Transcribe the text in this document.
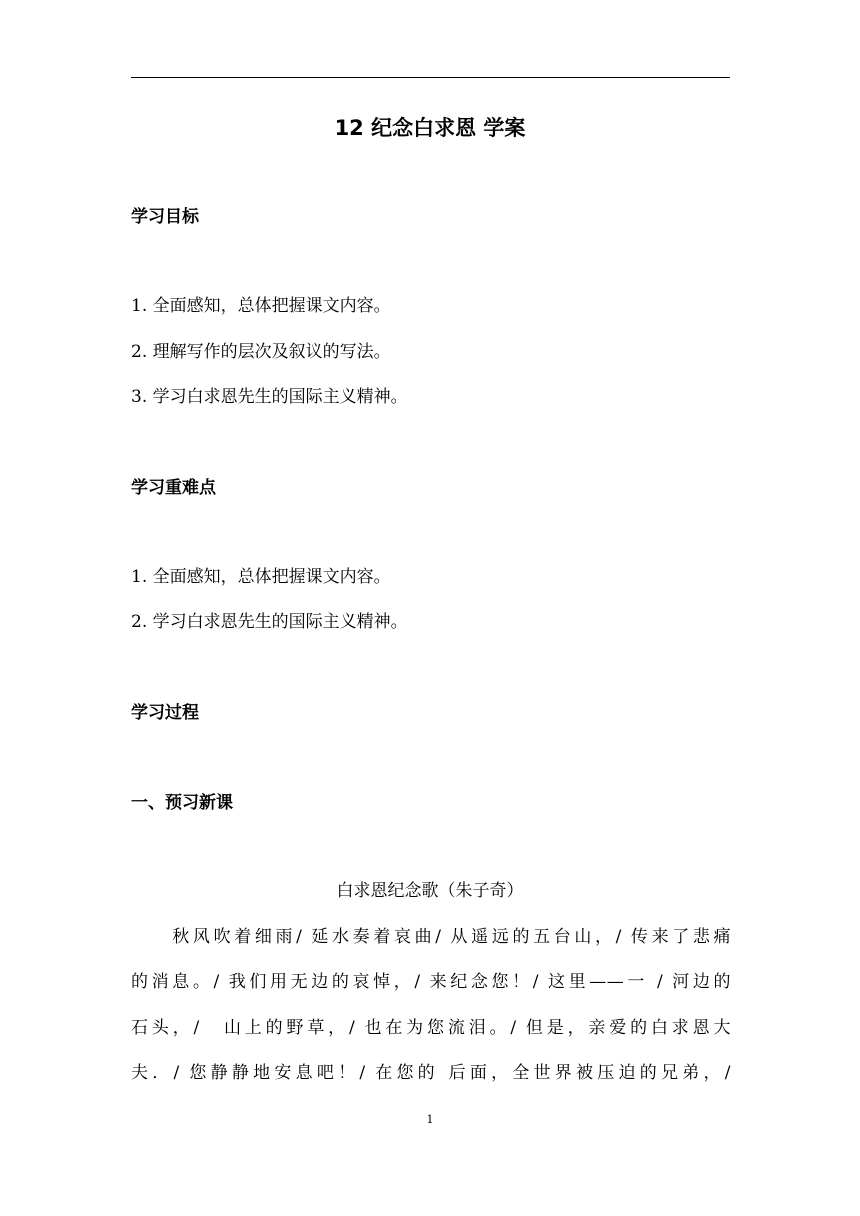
12 纪念白求恩 学案
学习目标
1. 全面感知，总体把握课文内容。
2. 理解写作的层次及叙议的写法。
3. 学习白求恩先生的国际主义精神。
学习重难点
1. 全面感知，总体把握课文内容。
2. 学习白求恩先生的国际主义精神。
学习过程
一、预习新课
白求恩纪念歌（朱子奇）
　　秋风吹着细雨/ 延水奏着哀曲/ 从遥远的五台山，/ 传来了悲痛
的消息。/ 我们用无边的哀悼，/ 来纪念您！/ 这里——一 / 河边的
石头，/　山上的野草，/ 也在为您流泪。/ 但是，亲爱的白求恩大
夫．/ 您静静地安息吧！/ 在您的 后面，全世界被压迫的兄弟，/
1
